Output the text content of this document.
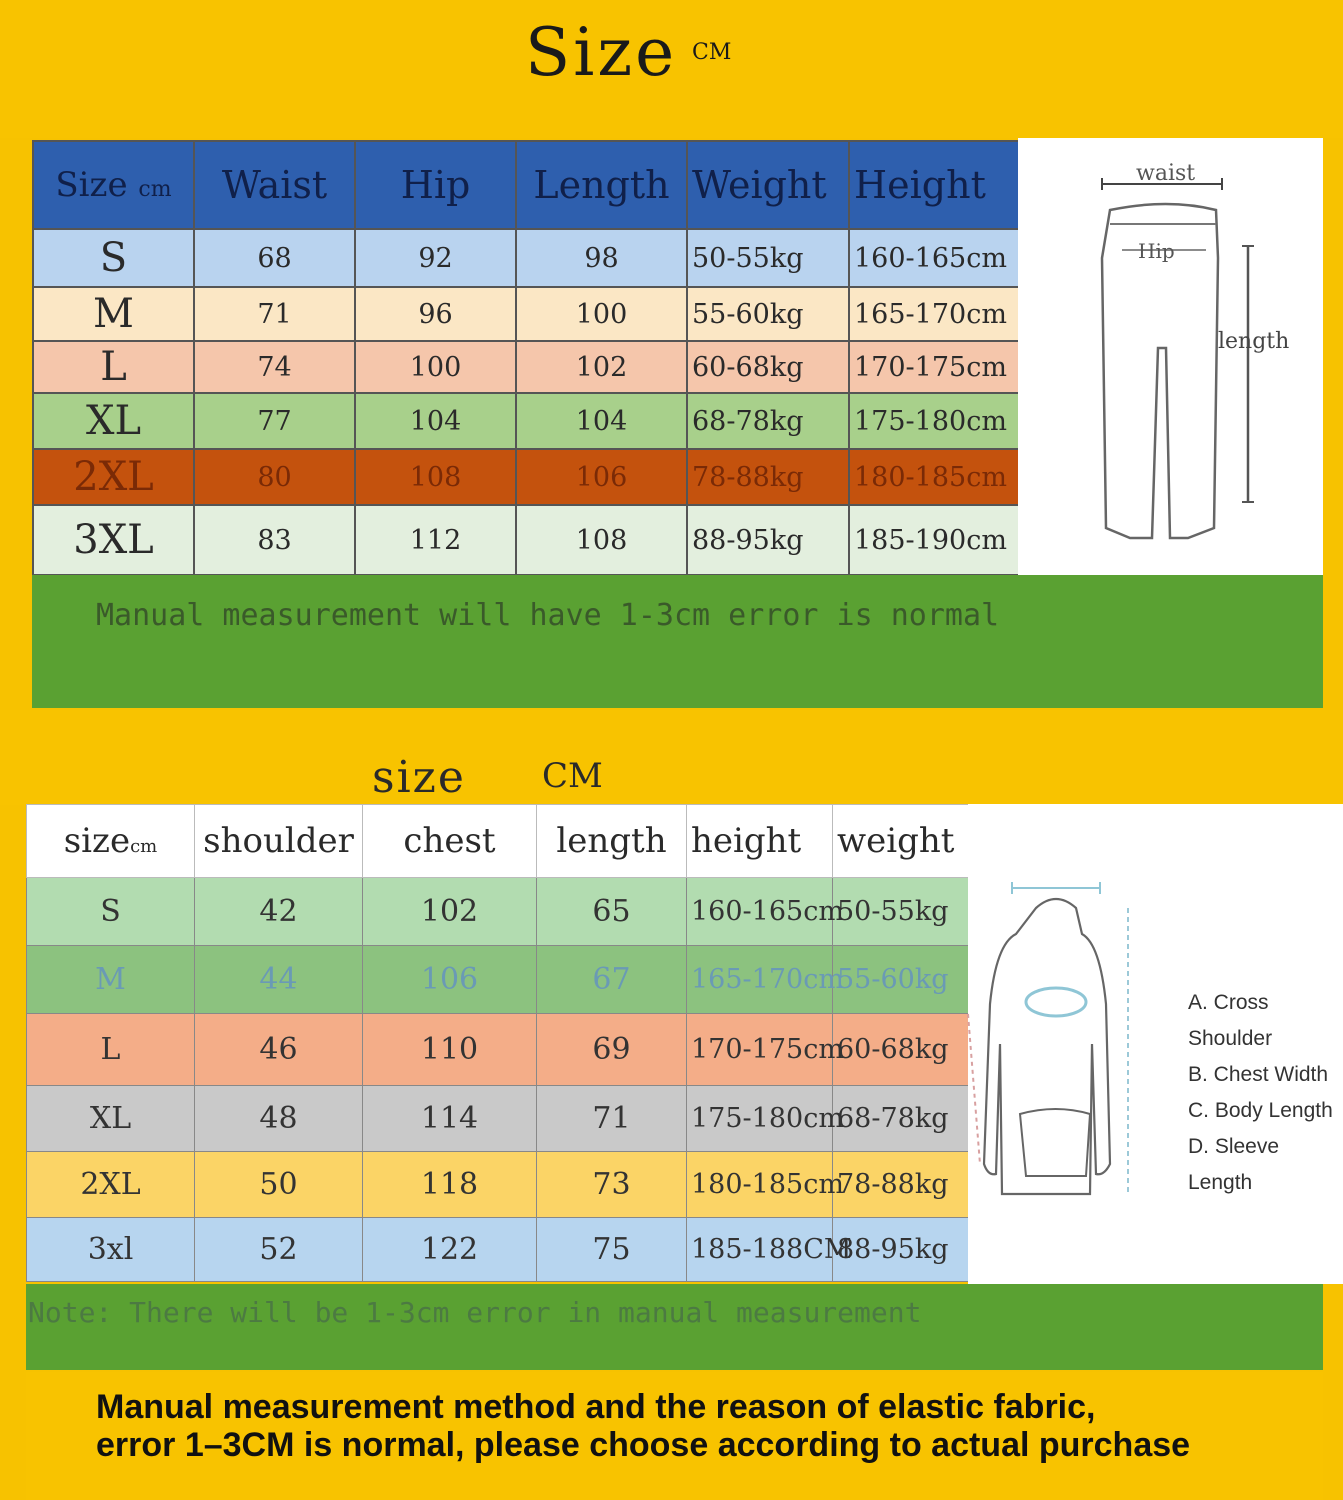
Size CM
Size cm	Waist	Hip	Length	Weight	Height
S	68	92	98	50-55kg	160-165cm
M	71	96	100	55-60kg	165-170cm
L	74	100	102	60-68kg	170-175cm
XL	77	104	104	68-78kg	175-180cm
2XL	80	108	106	78-88kg	180-185cm
3XL	83	112	108	88-95kg	185-190cm
waist
Hip
length
Manual measurement will have 1-3cm error is normal
size CM
sizecm	shoulder	chest	length	height	weight
S	42	102	65	160-165cm	50-55kg
M	44	106	67	165-170cm	55-60kg
L	46	110	69	170-175cm	60-68kg
XL	48	114	71	175-180cm	68-78kg
2XL	50	118	73	180-185cm	78-88kg
3xl	52	122	75	185-188CM	88-95kg
A. Cross Shoulder
B. Chest Width
C. Body Length
D. Sleeve Length
Note: There will be 1-3cm error in manual measurement
Manual measurement method and the reason of elastic fabric,
error 1–3CM is normal, please choose according to actual purchase
